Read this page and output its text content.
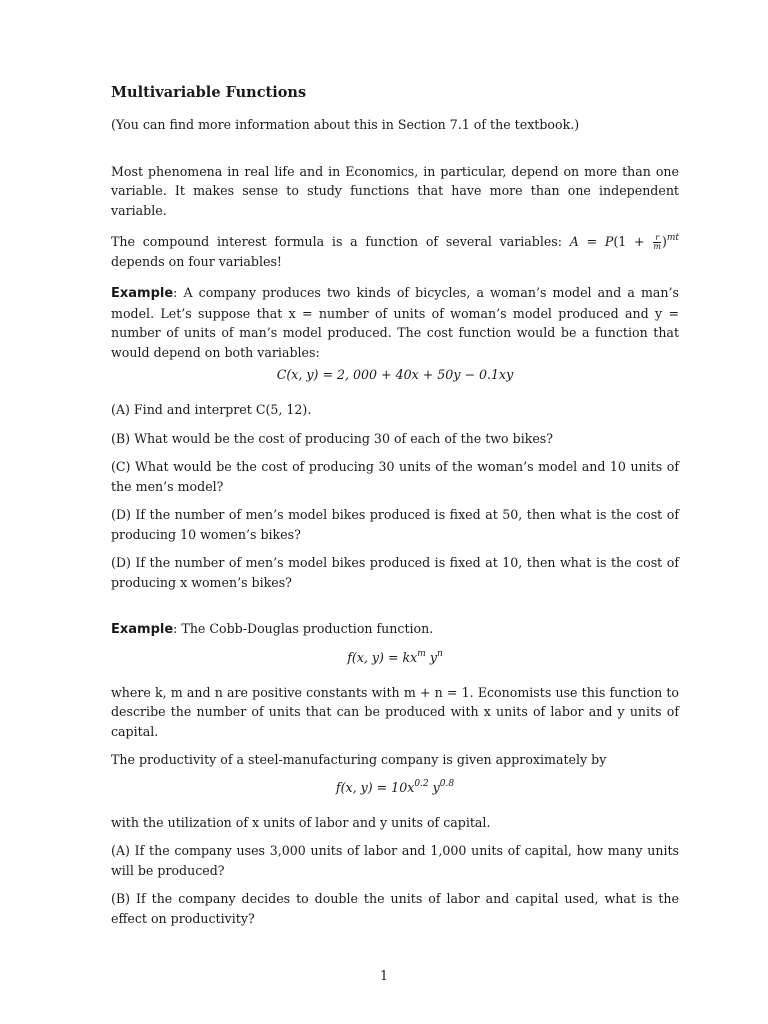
Multivariable Functions

(You can find more information about this in Section 7.1 of the textbook.)

Most phenomena in real life and in Economics, in particular, depend on more than one variable. It makes sense to study functions that have more than one independent variable.

The compound interest formula is a function of several variables: $A = P(1 + \frac{r}{m} )^{mt}$ depends on four variables!

Example: A company produces two kinds of bicycles, a woman’s model and a man’s model. Let’s suppose that x = number of units of woman’s model produced and y = number of units of man’s model produced. The cost function would be a function that would depend on both variables:

C(x, y) = 2, 000 + 40x + 50y − 0.1xy

(A) Find and interpret C(5, 12).

(B) What would be the cost of producing 30 of each of the two bikes?

(C) What would be the cost of producing 30 units of the woman’s model and 10 units of the men’s model?

(D) If the number of men’s model bikes produced is fixed at 50, then what is the cost of producing 10 women’s bikes?

(D) If the number of men’s model bikes produced is fixed at 10, then what is the cost of producing x women’s bikes?

Example: The Cobb-Douglas production function.

f(x, $y) = kx^m$ $y^n$

where k, m and n are positive constants with m + n = 1. Economists use this function to describe the number of units that can be produced with x units of labor and y units of capital.

The productivity of a steel-manufacturing company is given approximately by

f(x, $y) = 10x^{0.2}$ $y^{0.8}$

with the utilization of x units of labor and y units of capital.

(A) If the company uses 3,000 units of labor and 1,000 units of capital, how many units will be produced?

(B) If the company decides to double the units of labor and capital used, what is the effect on productivity?

1
